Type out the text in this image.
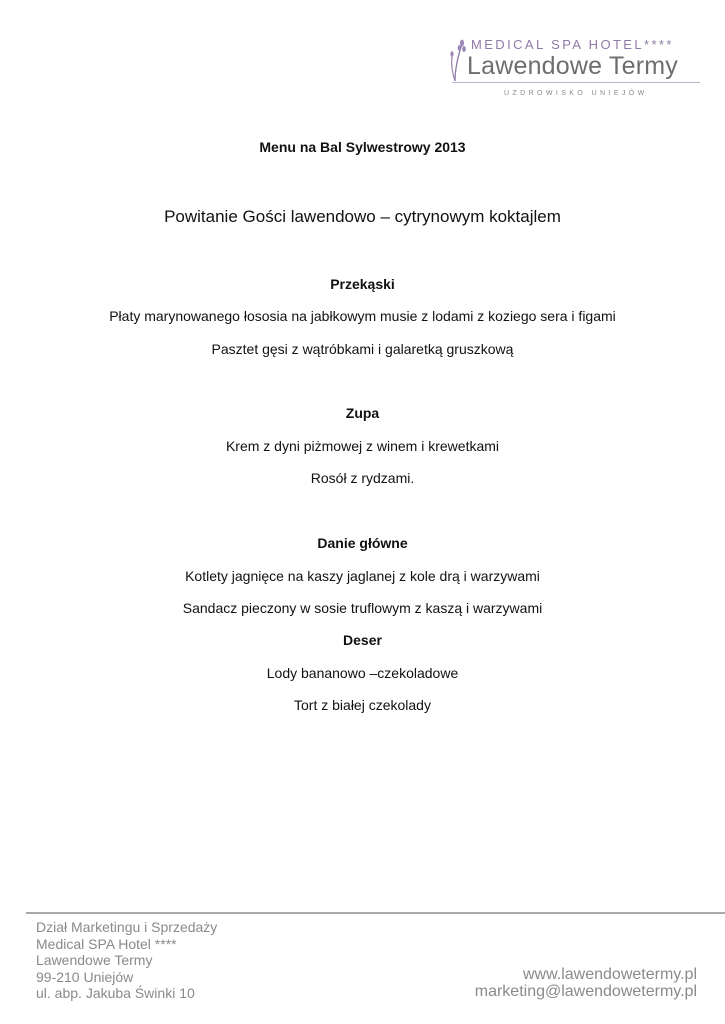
MEDICAL SPA HOTEL****
Lawendowe Termy
UZDROWISKO UNIEJÓW
Menu na Bal Sylwestrowy 2013
Powitanie Gości lawendowo – cytrynowym koktajlem
Przekąski
Płaty marynowanego łososia na jabłkowym musie z lodami z koziego sera i figami
Pasztet gęsi z wątróbkami i galaretką gruszkową
Zupa
Krem z dyni piżmowej z winem i krewetkami
Rosół z rydzami.
Danie główne
Kotlety jagnięce na kaszy jaglanej z kole drą i warzywami
Sandacz pieczony w sosie truflowym z kaszą i warzywami
Deser
Lody bananowo –czekoladowe
Tort z białej czekolady
Dział Marketingu i Sprzedaży
Medical SPA Hotel ****
Lawendowe Termy
99-210 Uniejów
ul. abp. Jakuba Świnki 10
www.lawendowetermy.pl
marketing@lawendowetermy.pl
